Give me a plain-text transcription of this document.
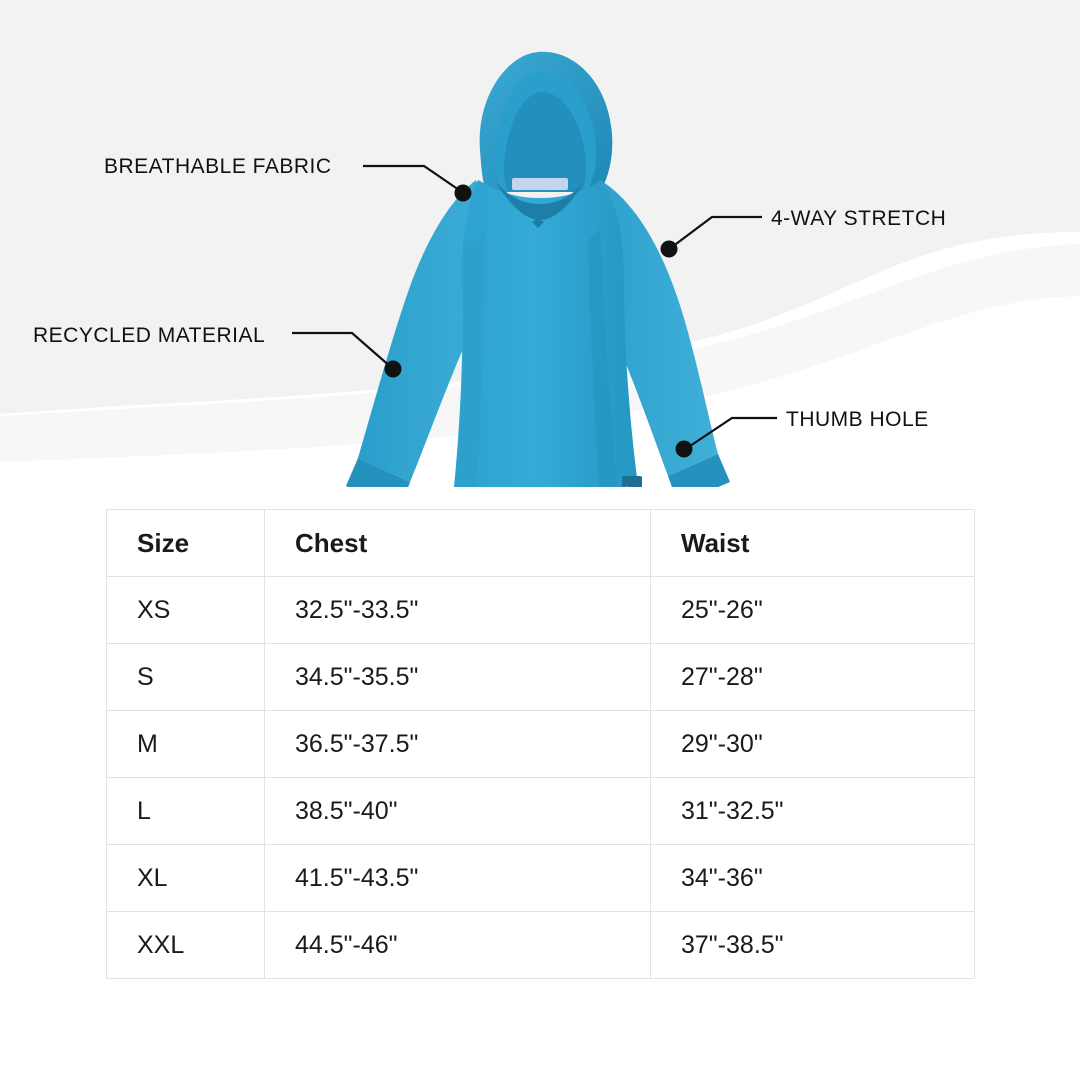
BREATHABLE FABRIC
RECYCLED MATERIAL
4-WAY STRETCH
THUMB HOLE
Size	Chest	Waist
XS	32.5"-33.5"	25"-26"
S	34.5"-35.5"	27"-28"
M	36.5"-37.5"	29"-30"
L	38.5"-40"	31"-32.5"
XL	41.5"-43.5"	34"-36"
XXL	44.5"-46"	37"-38.5"
